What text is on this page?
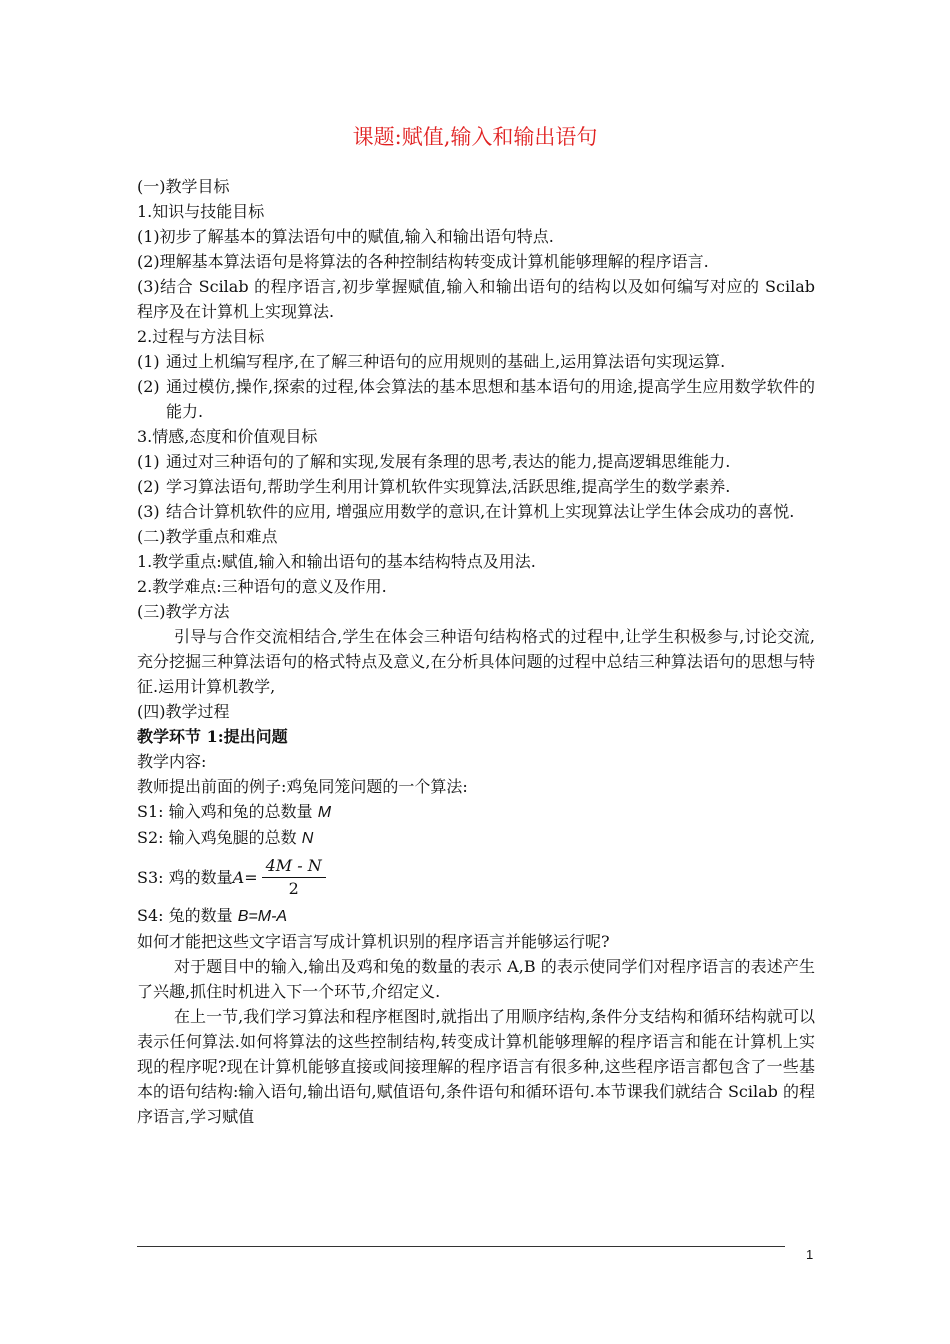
课题:赋值,输入和输出语句

(一)教学目标

1.知识与技能目标

(1)初步了解基本的算法语句中的赋值,输入和输出语句特点.

(2)理解基本算法语句是将算法的各种控制结构转变成计算机能够理解的程序语言.

(3)结合 Scilab 的程序语言,初步掌握赋值,输入和输出语句的结构以及如何编写对应的 Scilab 程序及在计算机上实现算法.

2.过程与方法目标

(1) 通过上机编写程序,在了解三种语句的应用规则的基础上,运用算法语句实现运算.

(2) 通过模仿,操作,探索的过程,体会算法的基本思想和基本语句的用途,提高学生应用数学软件的能力.

3.情感,态度和价值观目标

(1) 通过对三种语句的了解和实现,发展有条理的思考,表达的能力,提高逻辑思维能力.

(2) 学习算法语句,帮助学生利用计算机软件实现算法,活跃思维,提高学生的数学素养.

(3) 结合计算机软件的应用, 增强应用数学的意识,在计算机上实现算法让学生体会成功的喜悦.

(二)教学重点和难点

1.教学重点:赋值,输入和输出语句的基本结构特点及用法.

2.教学难点:三种语句的意义及作用.

(三)教学方法

引导与合作交流相结合,学生在体会三种语句结构格式的过程中,让学生积极参与,讨论交流,充分挖掘三种算法语句的格式特点及意义,在分析具体问题的过程中总结三种算法语句的思想与特征.运用计算机教学,

(四)教学过程

教学环节 1:提出问题

教学内容:

教师提出前面的例子:鸡兔同笼问题的一个算法:

S1: 输入鸡和兔的总数量 M

S2: 输入鸡兔腿的总数 N

S3: 鸡的数量 $A = \frac{4M - N}{2}$

S4: 兔的数量 B=M-A

如何才能把这些文字语言写成计算机识别的程序语言并能够运行呢?

对于题目中的输入,输出及鸡和兔的数量的表示 A,B 的表示使同学们对程序语言的表述产生了兴趣,抓住时机进入下一个环节,介绍定义.

在上一节,我们学习算法和程序框图时,就指出了用顺序结构,条件分支结构和循环结构就可以表示任何算法.如何将算法的这些控制结构,转变成计算机能够理解的程序语言和能在计算机上实现的程序呢?现在计算机能够直接或间接理解的程序语言有很多种,这些程序语言都包含了一些基本的语句结构:输入语句,输出语句,赋值语句,条件语句和循环语句.本节课我们就结合 Scilab 的程序语言,学习赋值

1
